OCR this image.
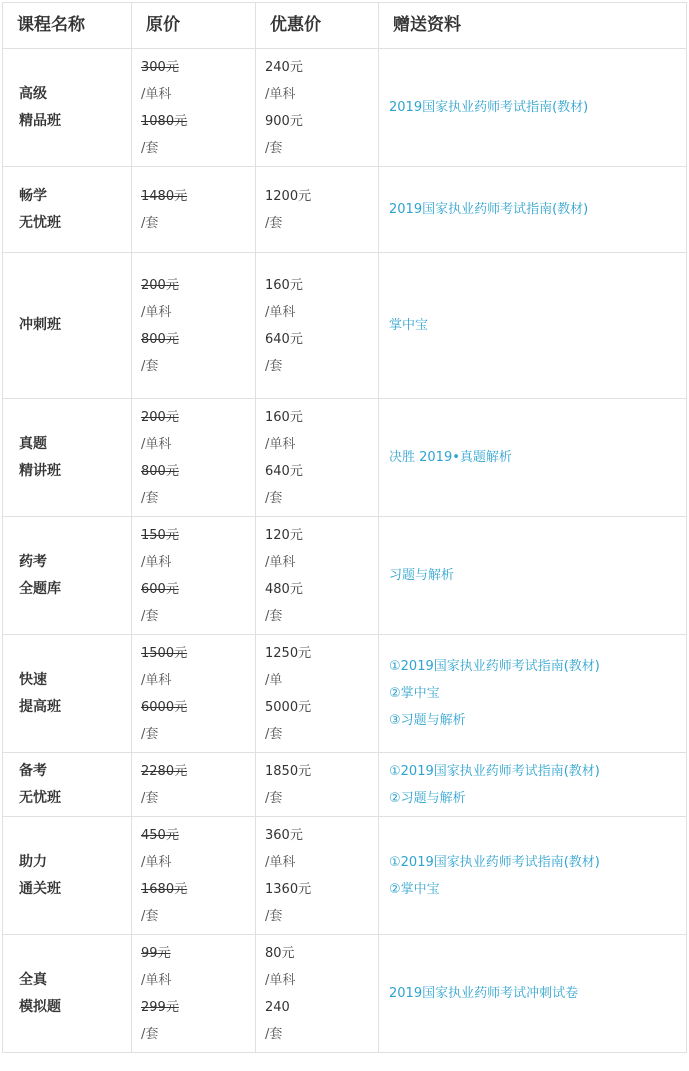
课程名称	原价	优惠价	赠送资料

高级
精品班	300元
/单科
1080元
/套	240元
/单科
900元
/套	2019国家执业药师考试指南(教材)

畅学
无忧班	1480元
/套	1200元
/套	2019国家执业药师考试指南(教材)

冲刺班	200元
/单科
800元
/套	160元
/单科
640元
/套	掌中宝

真题
精讲班	200元
/单科
800元
/套	160元
/单科
640元
/套	决胜 2019•真题解析

药考
全题库	150元
/单科
600元
/套	120元
/单科
480元
/套	习题与解析

快速
提高班	1500元
/单科
6000元
/套	1250元
/单
5000元
/套	①2019国家执业药师考试指南(教材)
②掌中宝
③习题与解析

备考
无忧班	2280元
/套	1850元
/套	①2019国家执业药师考试指南(教材)
②习题与解析

助力
通关班	450元
/单科
1680元
/套	360元
/单科
1360元
/套	①2019国家执业药师考试指南(教材)
②掌中宝

全真
模拟题	99元
/单科
299元
/套	80元
/单科
240
/套	2019国家执业药师考试冲刺试卷
